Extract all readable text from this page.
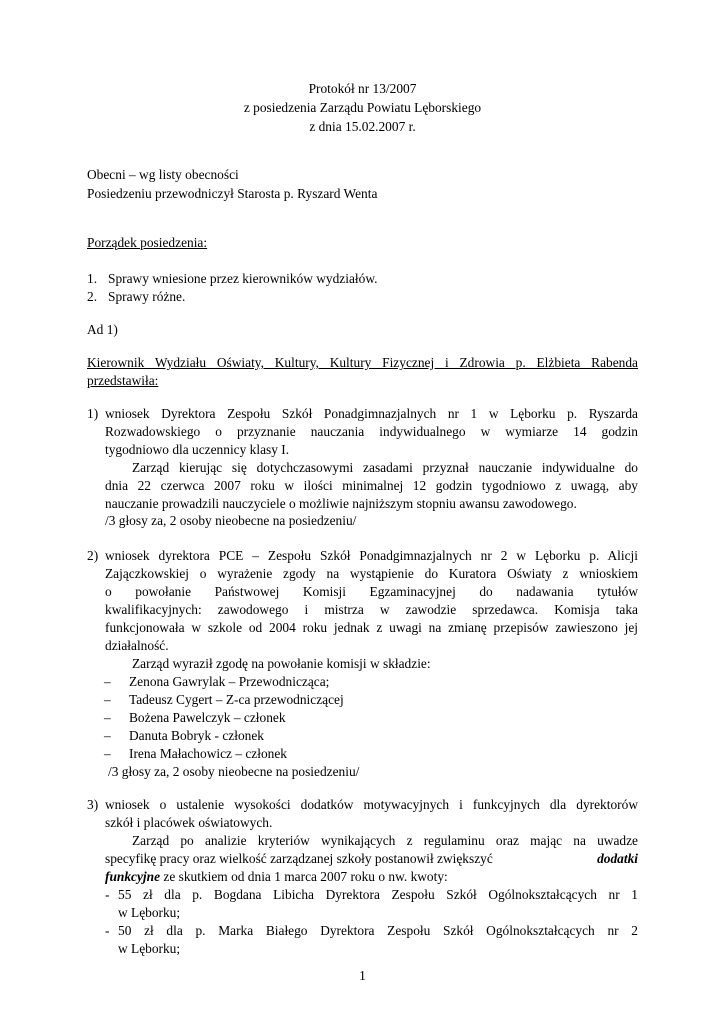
Protokół nr 13/2007
z posiedzenia Zarządu Powiatu Lęborskiego
z dnia 15.02.2007 r.
Obecni – wg listy obecności
Posiedzeniu przewodniczył Starosta p. Ryszard Wenta
Porządek posiedzenia:
1. Sprawy wniesione przez kierowników wydziałów.
2. Sprawy różne.
Ad 1)
Kierownik Wydziału Oświaty, Kultury, Kultury Fizycznej i Zdrowia p. Elżbieta Rabenda
przedstawiła:
1) wniosek Dyrektora Zespołu Szkół Ponadgimnazjalnych nr 1 w Lęborku p. Ryszarda
Rozwadowskiego o przyznanie nauczania indywidualnego w wymiarze 14 godzin
tygodniowo dla uczennicy klasy I.
Zarząd kierując się dotychczasowymi zasadami przyznał nauczanie indywidualne do
dnia 22 czerwca 2007 roku w ilości minimalnej 12 godzin tygodniowo z uwagą, aby
nauczanie prowadzili nauczyciele o możliwie najniższym stopniu awansu zawodowego.
/3 głosy za, 2 osoby nieobecne na posiedzeniu/
2) wniosek dyrektora PCE – Zespołu Szkół Ponadgimnazjalnych nr 2 w Lęborku p. Alicji
Zajączkowskiej o wyrażenie zgody na wystąpienie do Kuratora Oświaty z wnioskiem
o powołanie Państwowej Komisji Egzaminacyjnej do nadawania tytułów
kwalifikacyjnych: zawodowego i mistrza w zawodzie sprzedawca. Komisja taka
funkcjonowała w szkole od 2004 roku jednak z uwagi na zmianę przepisów zawieszono jej
działalność.
Zarząd wyraził zgodę na powołanie komisji w składzie:
– Zenona Gawrylak – Przewodnicząca;
– Tadeusz Cygert – Z-ca przewodniczącej
– Bożena Pawelczyk – członek
– Danuta Bobryk - członek
– Irena Małachowicz – członek
/3 głosy za, 2 osoby nieobecne na posiedzeniu/
3) wniosek o ustalenie wysokości dodatków motywacyjnych i funkcyjnych dla dyrektorów
szkół i placówek oświatowych.
Zarząd po analizie kryteriów wynikających z regulaminu oraz mając na uwadze
specyfikę pracy oraz wielkość zarządzanej szkoły postanowił zwiększyć	dodatki
funkcyjne ze skutkiem od dnia 1 marca 2007 roku o nw. kwoty:
- 55 zł dla p. Bogdana Libicha Dyrektora Zespołu Szkół Ogólnokształcących nr 1
w Lęborku;
- 50 zł dla p. Marka Białego Dyrektora Zespołu Szkół Ogólnokształcących nr 2
w Lęborku;
1
